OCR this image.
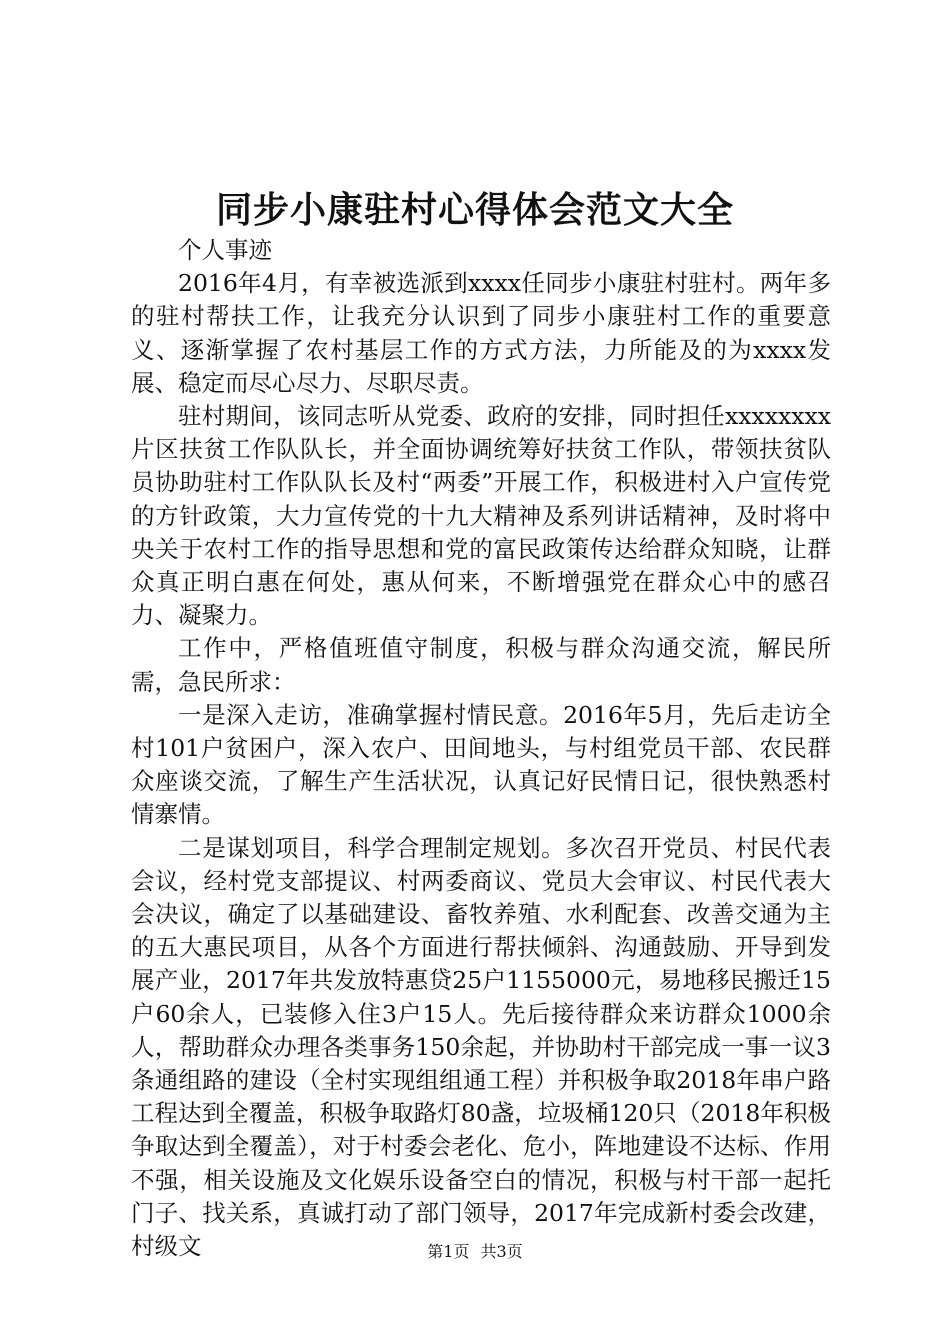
同步小康驻村心得体会范文大全

个人事迹

2016年4月，有幸被选派到xxxx任同步小康驻村驻村。两年多的驻村帮扶工作，让我充分认识到了同步小康驻村工作的重要意义、逐渐掌握了农村基层工作的方式方法，力所能及的为xxxx发展、稳定而尽心尽力、尽职尽责。

驻村期间，该同志听从党委、政府的安排，同时担任xxxxxxxx片区扶贫工作队队长，并全面协调统筹好扶贫工作队，带领扶贫队员协助驻村工作队队长及村“两委”开展工作，积极进村入户宣传党的方针政策，大力宣传党的十九大精神及系列讲话精神，及时将中央关于农村工作的指导思想和党的富民政策传达给群众知晓，让群众真正明白惠在何处，惠从何来，不断增强党在群众心中的感召力、凝聚力。

工作中，严格值班值守制度，积极与群众沟通交流，解民所需，急民所求：

一是深入走访，准确掌握村情民意。2016年5月，先后走访全村101户贫困户，深入农户、田间地头，与村组党员干部、农民群众座谈交流，了解生产生活状况，认真记好民情日记，很快熟悉村情寨情。

二是谋划项目，科学合理制定规划。多次召开党员、村民代表会议，经村党支部提议、村两委商议、党员大会审议、村民代表大会决议，确定了以基础建设、畜牧养殖、水利配套、改善交通为主的五大惠民项目，从各个方面进行帮扶倾斜、沟通鼓励、开导到发展产业，2017年共发放特惠贷25户1155000元，易地移民搬迁15户60余人，已装修入住3户15人。先后接待群众来访群众1000余人，帮助群众办理各类事务150余起，并协助村干部完成一事一议3条通组路的建设（全村实现组组通工程）并积极争取2018年串户路工程达到全覆盖，积极争取路灯80盏，垃圾桶120只（2018年积极争取达到全覆盖），对于村委会老化、危小，阵地建设不达标、作用不强，相关设施及文化娱乐设备空白的情况，积极与村干部一起托门子、找关系，真诚打动了部门领导，2017年完成新村委会改建，村级文	第1页 共3页
